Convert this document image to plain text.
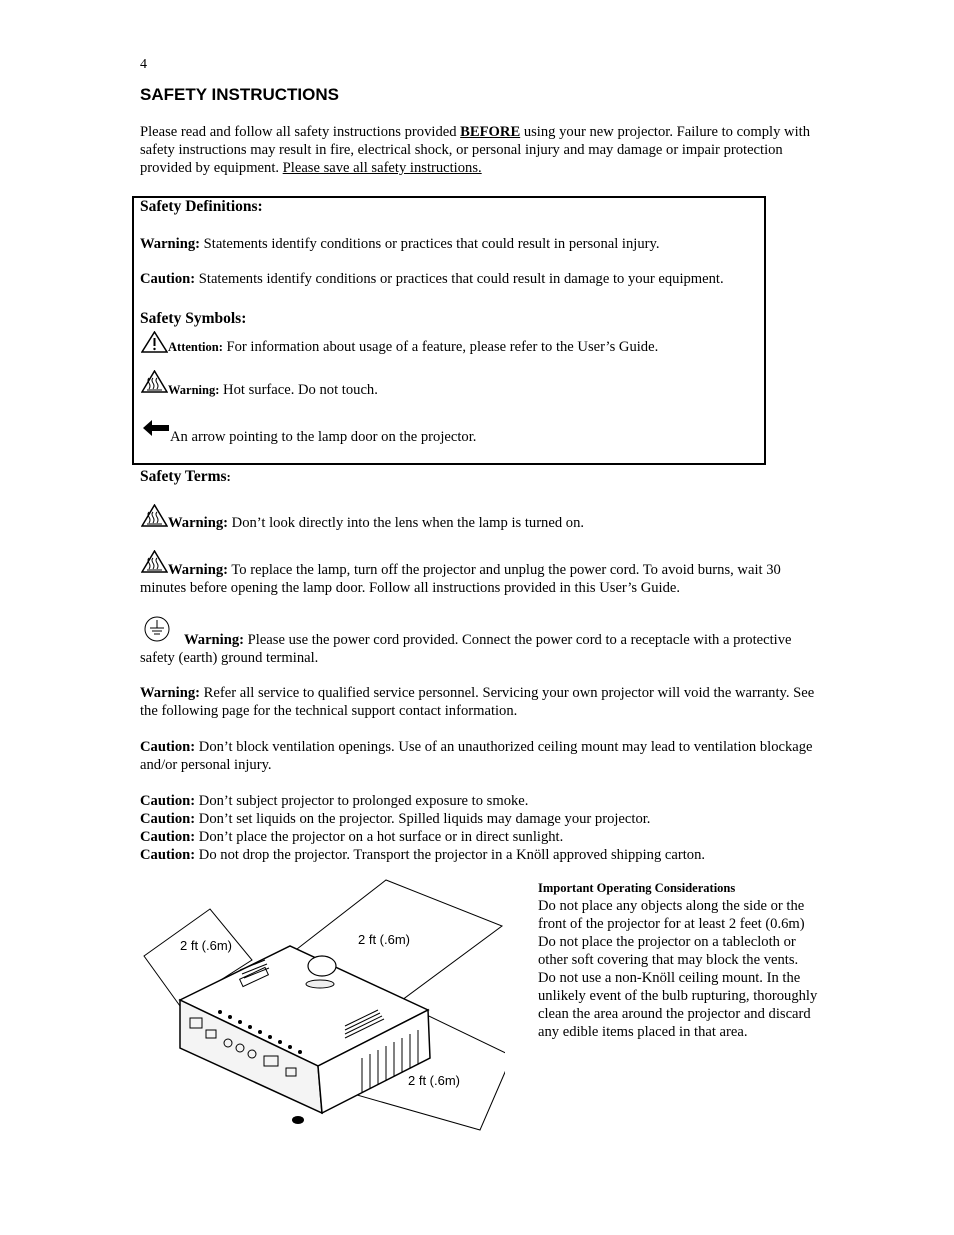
4
SAFETY INSTRUCTIONS
Please read and follow all safety instructions provided BEFORE using your new projector. Failure to comply with safety instructions may result in fire, electrical shock, or personal injury and may damage or impair protection provided by equipment. Please save all safety instructions.
Safety Definitions:
Warning: Statements identify conditions or practices that could result in personal injury.
Caution: Statements identify conditions or practices that could result in damage to your equipment.
Safety Symbols:
Attention: For information about usage of a feature, please refer to the User’s Guide.
Warning: Hot surface. Do not touch.
An arrow pointing to the lamp door on the projector.
Safety Terms:
Warning: Don’t look directly into the lens when the lamp is turned on.
Warning: To replace the lamp, turn off the projector and unplug the power cord. To avoid burns, wait 30 minutes before opening the lamp door. Follow all instructions provided in this User’s Guide.
Warning: Please use the power cord provided. Connect the power cord to a receptacle with a protective safety (earth) ground terminal.
Warning: Refer all service to qualified service personnel. Servicing your own projector will void the warranty. See the following page for the technical support contact information.
Caution: Don’t block ventilation openings. Use of an unauthorized ceiling mount may lead to ventilation blockage and/or personal injury.
Caution: Don’t subject projector to prolonged exposure to smoke.
Caution: Don’t set liquids on the projector. Spilled liquids may damage your projector.
Caution: Don’t place the projector on a hot surface or in direct sunlight.
Caution: Do not drop the projector. Transport the projector in a Knöll approved shipping carton.
2 ft (.6m)	2 ft (.6m)
2 ft (.6m)
Important Operating Considerations
Do not place any objects along the side or the front of the projector for at least 2 feet (0.6m)
Do not place the projector on a tablecloth or other soft covering that may block the vents.
Do not use a non-Knöll ceiling mount. In the unlikely event of the bulb rupturing, thoroughly clean the area around the projector and discard any edible items placed in that area.
